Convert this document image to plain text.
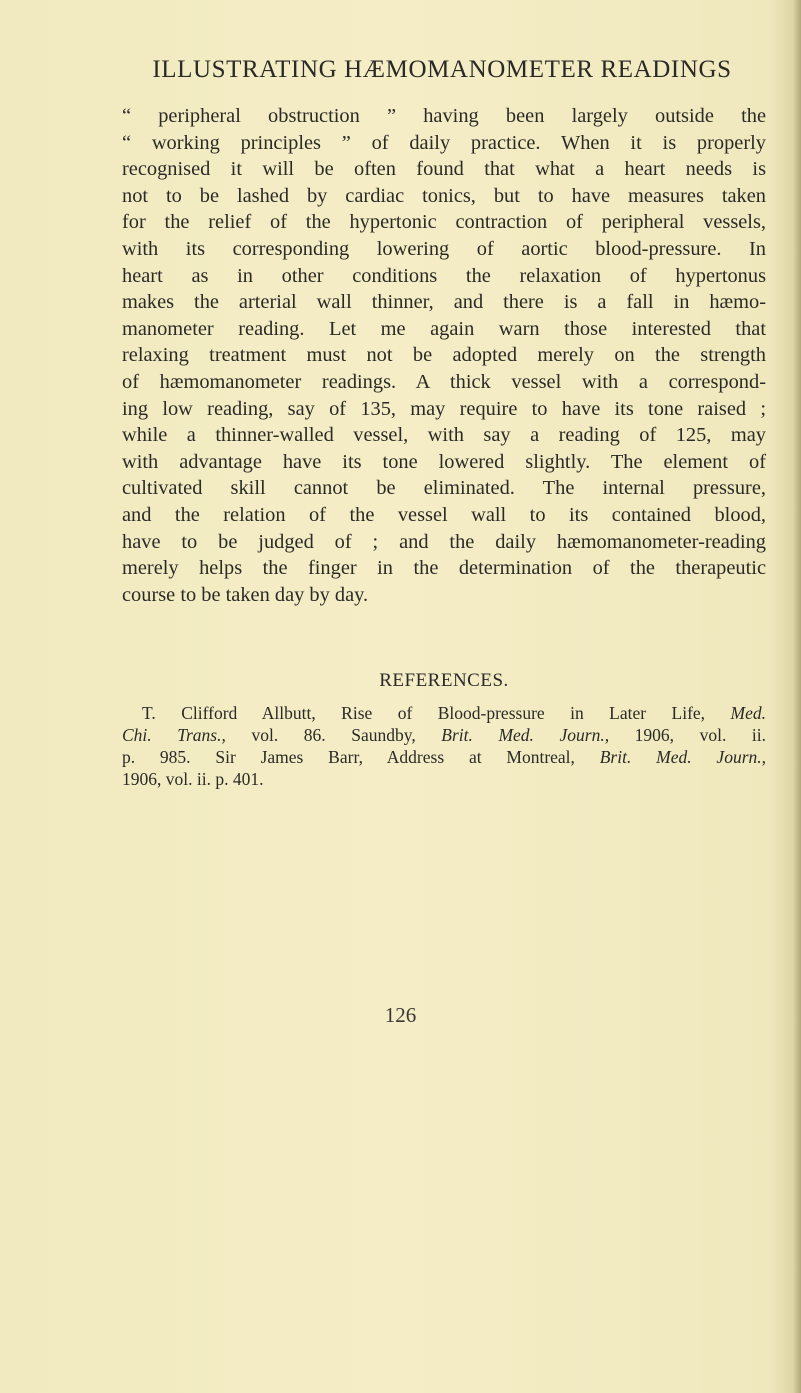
ILLUSTRATING HÆMOMANOMETER READINGS
“ peripheral obstruction ” having been largely outside the
“ working principles ” of daily practice. When it is properly
recognised it will be often found that what a heart needs is
not to be lashed by cardiac tonics, but to have measures taken
for the relief of the hypertonic contraction of peripheral vessels,
with its corresponding lowering of aortic blood-pressure. In
heart as in other conditions the relaxation of hypertonus
makes the arterial wall thinner, and there is a fall in hæmo-
manometer reading. Let me again warn those interested that
relaxing treatment must not be adopted merely on the strength
of hæmomanometer readings. A thick vessel with a correspond-
ing low reading, say of 135, may require to have its tone raised ;
while a thinner-walled vessel, with say a reading of 125, may
with advantage have its tone lowered slightly. The element of
cultivated skill cannot be eliminated. The internal pressure,
and the relation of the vessel wall to its contained blood,
have to be judged of ; and the daily hæmomanometer-reading
merely helps the finger in the determination of the therapeutic
course to be taken day by day.
REFERENCES.
T. Clifford Allbutt, Rise of Blood-pressure in Later Life, Med.
Chi. Trans., vol. 86. Saundby, Brit. Med. Journ., 1906, vol. ii.
p. 985. Sir James Barr, Address at Montreal, Brit. Med. Journ.,
1906, vol. ii. p. 401.
126
